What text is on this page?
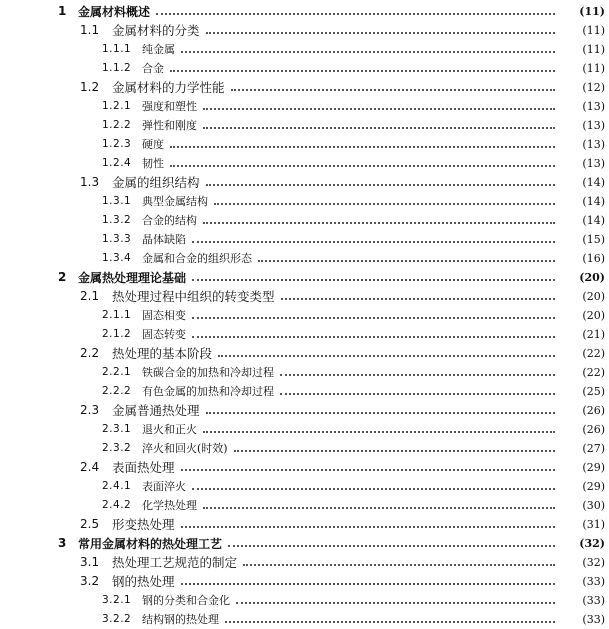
1 金属材料概述	(11)
1.1	金属材料的分类	(11)
1.1.1 纯金属	(11)
1.1.2 合金	(11)
1.2	金属材料的力学性能	(12)
1.2.1 强度和塑性	(13)
1.2.2 弹性和刚度	(13)
1.2.3 硬度	(13)
1.2.4 韧性	(13)
1.3	金属的组织结构	(14)
1.3.1 典型金属结构	(14)
1.3.2 合金的结构	(14)
1.3.3 晶体缺陷	(15)
1.3.4 金属和合金的组织形态	(16)
2 金属热处理理论基础	(20)
2.1	热处理过程中组织的转变类型	(20)
2.1.1 固态相变	(20)
2.1.2 固态转变	(21)
2.2	热处理的基本阶段	(22)
2.2.1 铁碳合金的加热和冷却过程	(22)
2.2.2 有色金属的加热和冷却过程	(25)
2.3	金属普通热处理	(26)
2.3.1 退火和正火	(26)
2.3.2 淬火和回火(时效)	(27)
2.4	表面热处理	(29)
2.4.1 表面淬火	(29)
2.4.2 化学热处理	(30)
2.5	形变热处理	(31)
3 常用金属材料的热处理工艺	(32)
3.1	热处理工艺规范的制定	(32)
3.2	钢的热处理	(33)
3.2.1 钢的分类和合金化	(33)
3.2.2 结构钢的热处理	(33)
